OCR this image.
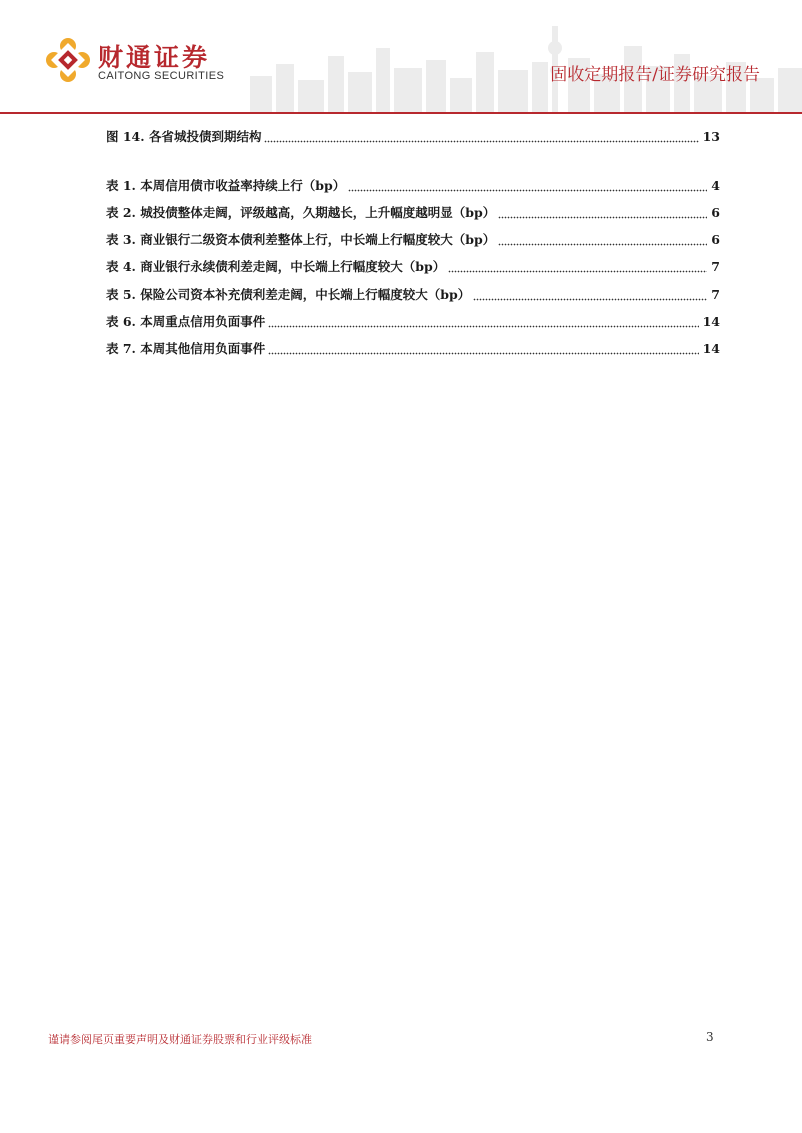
财通证券
CAITONG SECURITIES	固收定期报告/证券研究报告
图 14. 各省城投债到期结构	13
表 1. 本周信用债市收益率持续上行（bp）	4
表 2. 城投债整体走阔，评级越高，久期越长，上升幅度越明显（bp）	6
表 3. 商业银行二级资本债利差整体上行，中长端上行幅度较大（bp）	6
表 4. 商业银行永续债利差走阔，中长端上行幅度较大（bp）	7
表 5. 保险公司资本补充债利差走阔，中长端上行幅度较大（bp）	7
表 6. 本周重点信用负面事件	14
表 7. 本周其他信用负面事件	14
谨请参阅尾页重要声明及财通证券股票和行业评级标准	3
